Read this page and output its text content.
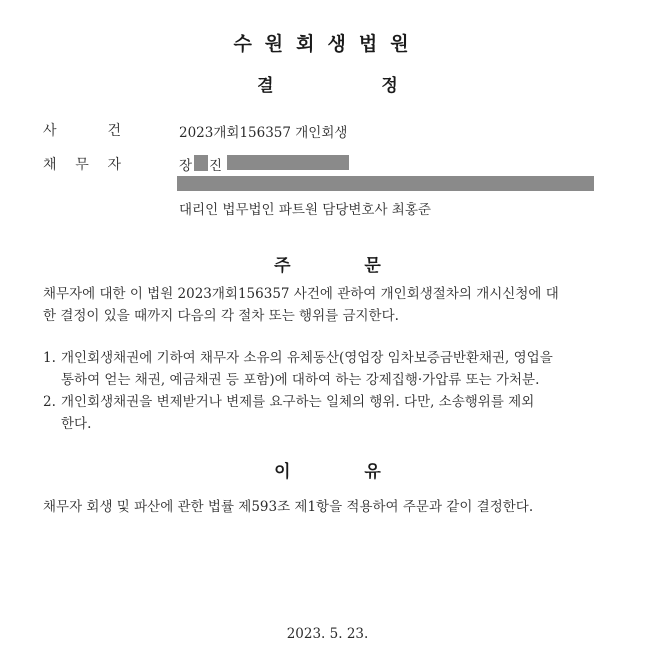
수원회생법원
결	정
사	건	2023개회156357 개인회생
채 무 자	장 진
대리인 법무법인 파트원 담당변호사 최홍준
주	문
채무자에 대한 이 법원 2023개회156357 사건에 관하여 개인회생절차의 개시신청에 대
한 결정이 있을 때까지 다음의 각 절차 또는 행위를 금지한다.
1. 개인회생채권에 기하여 채무자 소유의 유체동산(영업장 임차보증금반환채권, 영업을
통하여 얻는 채권, 예금채권 등 포함)에 대하여 하는 강제집행·가압류 또는 가처분.
2. 개인회생채권을 변제받거나 변제를 요구하는 일체의 행위. 다만, 소송행위를 제외
한다.
이	유
채무자 회생 및 파산에 관한 법률 제593조 제1항을 적용하여 주문과 같이 결정한다.
2023. 5. 23.
